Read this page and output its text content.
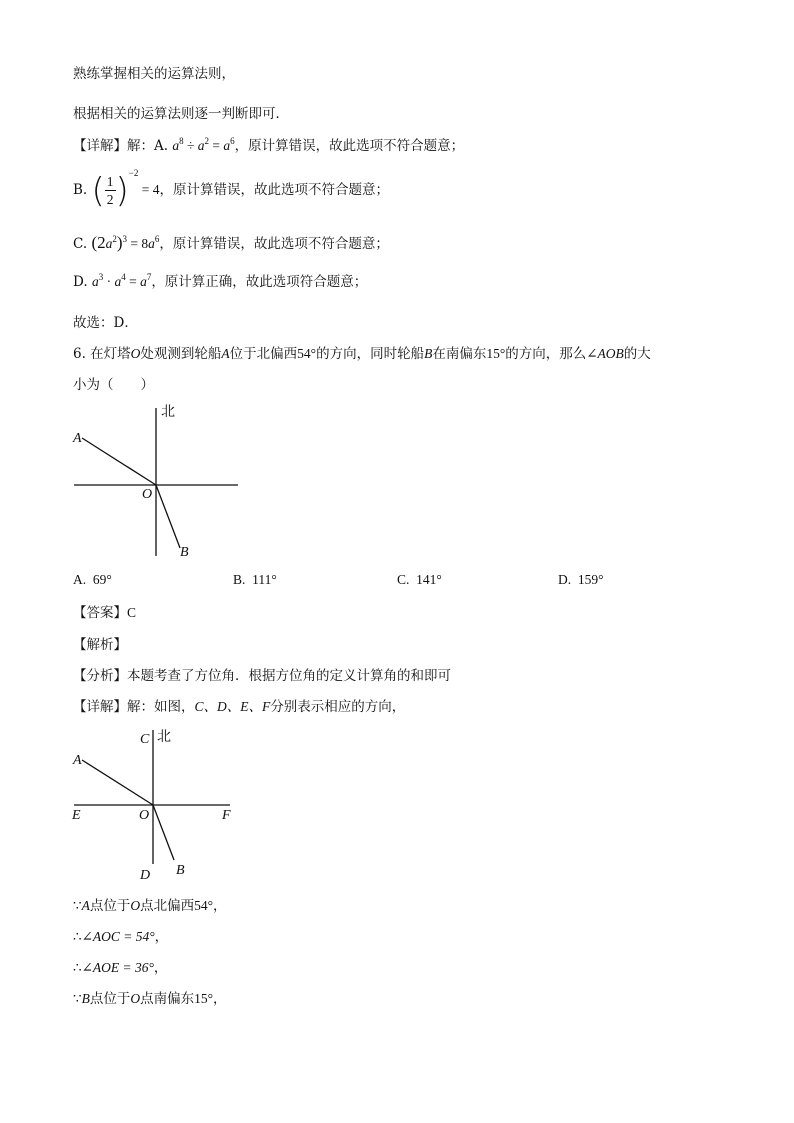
熟练掌握相关的运算法则，
根据相关的运算法则逐一判断即可．
【详解】解：A. $a^8 \div a^2 = a^6$，原计算错误，故此选项不符合题意；
B. ( $\frac{1}{2} )^{-2} = 4$，原计算错误，故此选项不符合题意；
C. $(2a^2)^3 = 8a^6$，原计算错误，故此选项不符合题意；
D. $a^3 \cdot a^4 = a^7$，原计算正确，故此选项符合题意；
故选：D．
6. 在灯塔O处观测到轮船A位于北偏西54°的方向，同时轮船B在南偏东15°的方向，那么∠AOB的大
小为（　　）
北
A
O
B
A. 69°	B. 111°	C. 141°	D. 159°
【答案】C
【解析】
【分析】本题考查了方位角．根据方位角的定义计算角的和即可
【详解】解：如图，C、D、E、F分别表示相应的方向，
C 北
A
E	O	F
D B
∵A点位于O点北偏西54°，
∴∠AOC = 54°，
∴∠AOE = 36°，
∵B点位于O点南偏东15°，
